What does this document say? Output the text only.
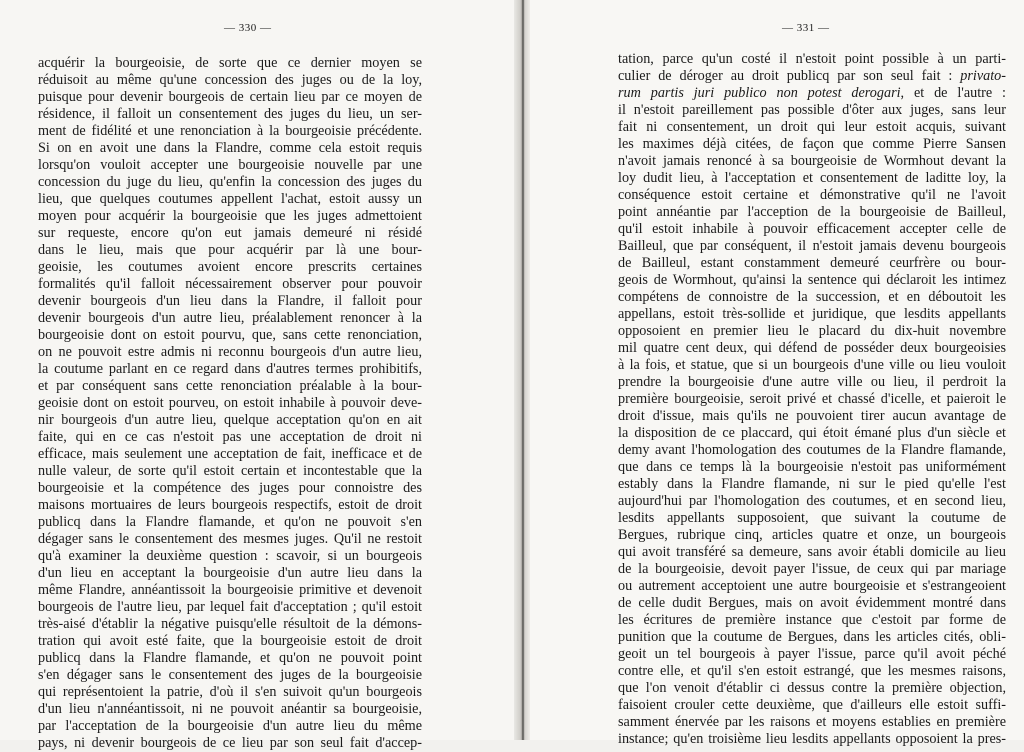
— 330 —
acquérir la bourgeoisie, de sorte que ce dernier moyen se
réduisoit au même qu'une concession des juges ou de la loy,
puisque pour devenir bourgeois de certain lieu par ce moyen de
résidence, il falloit un consentement des juges du lieu, un ser-
ment de fidélité et une renonciation à la bourgeoisie précédente.
Si on en avoit une dans la Flandre, comme cela estoit requis
lorsqu'on vouloit accepter une bourgeoisie nouvelle par une
concession du juge du lieu, qu'enfin la concession des juges du
lieu, que quelques coutumes appellent l'achat, estoit aussy un
moyen pour acquérir la bourgeoisie que les juges admettoient
sur requeste, encore qu'on eut jamais demeuré ni résidé
dans le lieu, mais que pour acquérir par là une bour-
geoisie, les coutumes avoient encore prescrits certaines
formalités qu'il falloit nécessairement observer pour pouvoir
devenir bourgeois d'un lieu dans la Flandre, il falloit pour
devenir bourgeois d'un autre lieu, préalablement renoncer à la
bourgeoisie dont on estoit pourvu, que, sans cette renonciation,
on ne pouvoit estre admis ni reconnu bourgeois d'un autre lieu,
la coutume parlant en ce regard dans d'autres termes prohibitifs,
et par conséquent sans cette renonciation préalable à la bour-
geoisie dont on estoit pourveu, on estoit inhabile à pouvoir deve-
nir bourgeois d'un autre lieu, quelque acceptation qu'on en ait
faite, qui en ce cas n'estoit pas une acceptation de droit ni
efficace, mais seulement une acceptation de fait, inefficace et de
nulle valeur, de sorte qu'il estoit certain et incontestable que la
bourgeoisie et la compétence des juges pour connoistre des
maisons mortuaires de leurs bourgeois respectifs, estoit de droit
publicq dans la Flandre flamande, et qu'on ne pouvoit s'en
dégager sans le consentement des mesmes juges. Qu'il ne restoit
qu'à examiner la deuxième question : scavoir, si un bourgeois
d'un lieu en acceptant la bourgeoisie d'un autre lieu dans la
même Flandre, annéantissoit la bourgeoisie primitive et devenoit
bourgeois de l'autre lieu, par lequel fait d'acceptation ; qu'il estoit
très-aisé d'établir la négative puisqu'elle résultoit de la démons-
tration qui avoit esté faite, que la bourgeoisie estoit de droit
publicq dans la Flandre flamande, et qu'on ne pouvoit point
s'en dégager sans le consentement des juges de la bourgeoisie
qui représentoient la patrie, d'où il s'en suivoit qu'un bourgeois
d'un lieu n'annéantissoit, ni ne pouvoit anéantir sa bourgeoisie,
par l'acceptation de la bourgeoisie d'un autre lieu du même
pays, ni devenir bourgeois de ce lieu par son seul fait d'accep-
— 331 —
tation, parce qu'un costé il n'estoit point possible à un parti-
culier de déroger au droit publicq par son seul fait : privato-
rum partis juri publico non potest derogari, et de l'autre :
il n'estoit pareillement pas possible d'ôter aux juges, sans leur
fait ni consentement, un droit qui leur estoit acquis, suivant
les maximes déjà citées, de façon que comme Pierre Sansen
n'avoit jamais renoncé à sa bourgeoisie de Wormhout devant la
loy dudit lieu, à l'acceptation et consentement de laditte loy, la
conséquence estoit certaine et démonstrative qu'il ne l'avoit
point annéantie par l'acception de la bourgeoisie de Bailleul,
qu'il estoit inhabile à pouvoir efficacement accepter celle de
Bailleul, que par conséquent, il n'estoit jamais devenu bourgeois
de Bailleul, estant constamment demeuré ceurfrère ou bour-
geois de Wormhout, qu'ainsi la sentence qui déclaroit les intimez
compétens de connoistre de la succession, et en déboutoit les
appellans, estoit très-sollide et juridique, que lesdits appellants
opposoient en premier lieu le placard du dix-huit novembre
mil quatre cent deux, qui défend de posséder deux bourgeoisies
à la fois, et statue, que si un bourgeois d'une ville ou lieu vouloit
prendre la bourgeoisie d'une autre ville ou lieu, il perdroit la
première bourgeoisie, seroit privé et chassé d'icelle, et paieroit le
droit d'issue, mais qu'ils ne pouvoient tirer aucun avantage de
la disposition de ce placcard, qui étoit émané plus d'un siècle et
demy avant l'homologation des coutumes de la Flandre flamande,
que dans ce temps là la bourgeoisie n'estoit pas uniformément
estably dans la Flandre flamande, ni sur le pied qu'elle l'est
aujourd'hui par l'homologation des coutumes, et en second lieu,
lesdits appellants supposoient, que suivant la coutume de
Bergues, rubrique cinq, articles quatre et onze, un bourgeois
qui avoit transféré sa demeure, sans avoir établi domicile au lieu
de la bourgeoisie, devoit payer l'issue, de ceux qui par mariage
ou autrement acceptoient une autre bourgeoisie et s'estrangeoient
de celle dudit Bergues, mais on avoit évidemment montré dans
les écritures de première instance que c'estoit par forme de
punition que la coutume de Bergues, dans les articles cités, obli-
geoit un tel bourgeois à payer l'issue, parce qu'il avoit péché
contre elle, et qu'il s'en estoit estrangé, que les mesmes raisons,
que l'on venoit d'établir ci dessus contre la première objection,
faisoient crouler cette deuxième, que d'ailleurs elle estoit suffi-
samment énervée par les raisons et moyens establies en première
instance; qu'en troisième lieu lesdits appellants opposoient la pres-
